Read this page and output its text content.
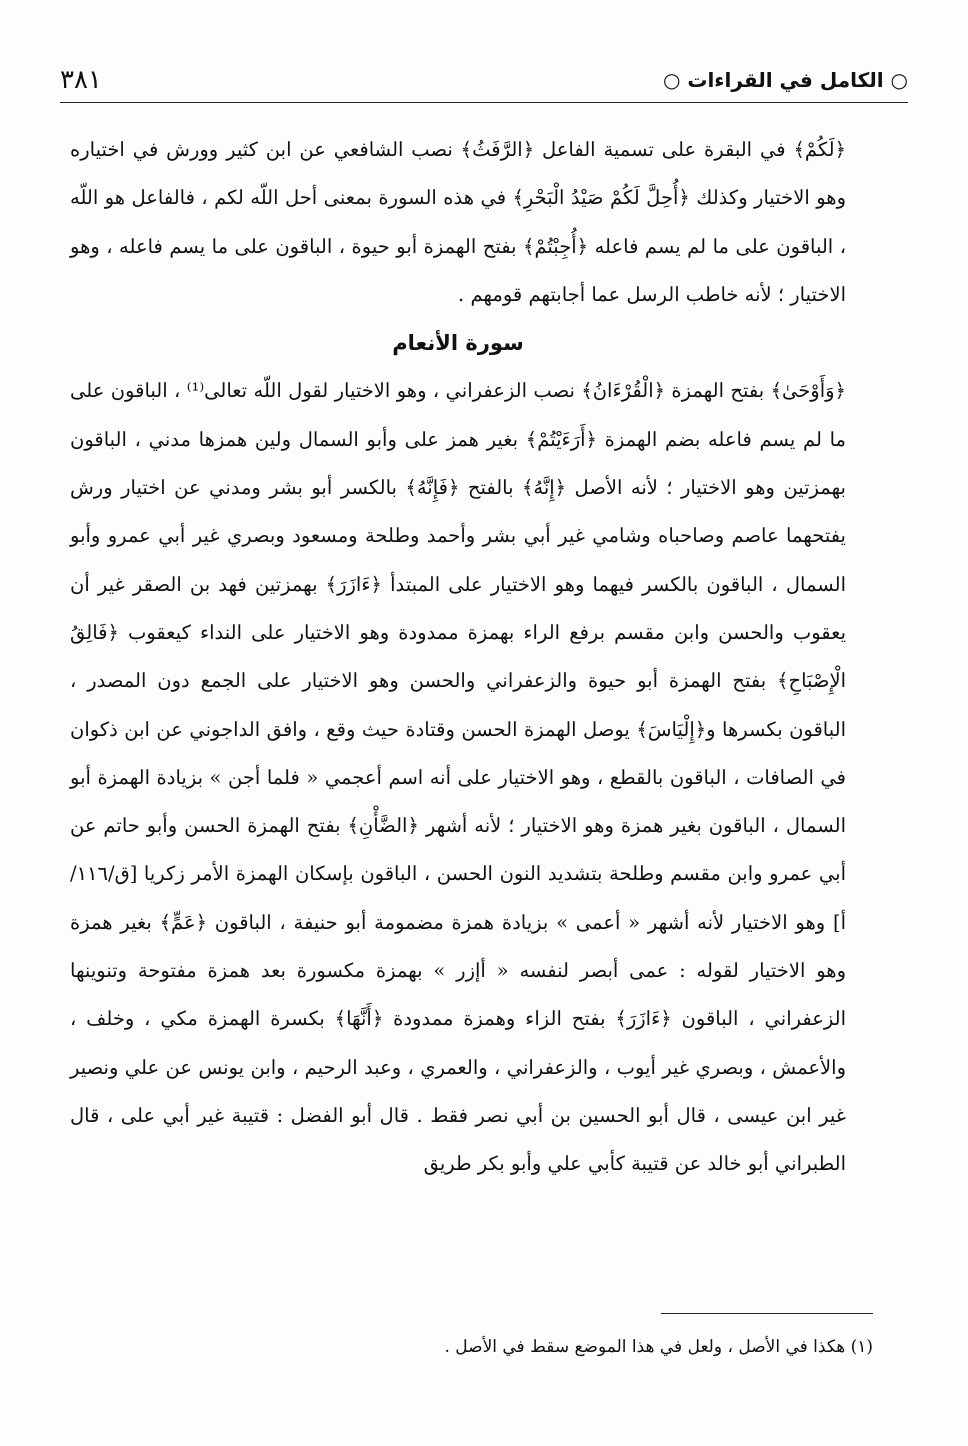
○ الكامل في القراءات ○
٣٨١

﴿لَكُمْ﴾ في البقرة على تسمية الفاعل ﴿الرَّفَثُ﴾ نصب الشافعي عن ابن كثير وورش في اختياره وهو الاختيار وكذلك ﴿أُحِلَّ لَكُمْ صَيْدُ الْبَحْرِ﴾ في هذه السورة بمعنى أحل اللّه لكم ، فالفاعل هو اللّه ، الباقون على ما لم يسم فاعله ﴿أُجِبْتُمْ﴾ بفتح الهمزة أبو حيوة ، الباقون على ما يسم فاعله ، وهو الاختيار ؛ لأنه خاطب الرسل عما أجابتهم قومهم .

سورة الأنعام

﴿وَأَوْحَىٰ﴾ بفتح الهمزة ﴿الْقُرْءَانُ﴾ نصب الزعفراني ، وهو الاختيار لقول اللّه تعالى⁽¹⁾ ، الباقون على ما لم يسم فاعله بضم الهمزة ﴿أَرَءَيْتُمْ﴾ بغير همز على وأبو السمال ولين همزها مدني ، الباقون بهمزتين وهو الاختيار ؛ لأنه الأصل ﴿إِنَّهُ﴾ بالفتح ﴿فَإِنَّهُ﴾ بالكسر أبو بشر ومدني عن اختيار ورش يفتحهما عاصم وصاحباه وشامي غير أبي بشر وأحمد وطلحة ومسعود وبصري غير أبي عمرو وأبو السمال ، الباقون بالكسر فيهما وهو الاختيار على المبتدأ ﴿ءَازَرَ﴾ بهمزتين فهد بن الصقر غير أن يعقوب والحسن وابن مقسم برفع الراء بهمزة ممدودة وهو الاختيار على النداء كيعقوب ﴿فَالِقُ الْإِصْبَاحِ﴾ بفتح الهمزة أبو حيوة والزعفراني والحسن وهو الاختيار على الجمع دون المصدر ، الباقون بكسرها و﴿إِلْيَاسَ﴾ يوصل الهمزة الحسن وقتادة حيث وقع ، وافق الداجوني عن ابن ذكوان في الصافات ، الباقون بالقطع ، وهو الاختيار على أنه اسم أعجمي « فلما أجن » بزيادة الهمزة أبو السمال ، الباقون بغير همزة وهو الاختيار ؛ لأنه أشهر ﴿الضَّأْنِ﴾ بفتح الهمزة الحسن وأبو حاتم عن أبي عمرو وابن مقسم وطلحة بتشديد النون الحسن ، الباقون بإسكان الهمزة الأمر زكريا [ق/١١٦/أ] وهو الاختيار لأنه أشهر « أعمى » بزيادة همزة مضمومة أبو حنيفة ، الباقون ﴿عَمٍّ﴾ بغير همزة وهو الاختيار لقوله : عمى أبصر لنفسه « أإزر » بهمزة مكسورة بعد همزة مفتوحة وتنوينها الزعفراني ، الباقون ﴿ءَازَرَ﴾ بفتح الزاء وهمزة ممدودة ﴿أَنَّهَا﴾ بكسرة الهمزة مكي ، وخلف ، والأعمش ، وبصري غير أيوب ، والزعفراني ، والعمري ، وعبد الرحيم ، وابن يونس عن علي ونصير غير ابن عيسى ، قال أبو الحسين بن أبي نصر فقط . قال أبو الفضل : قتيبة غير أبي على ، قال الطبراني أبو خالد عن قتيبة كأبي علي وأبو بكر طريق

(١) هكذا في الأصل ، ولعل في هذا الموضع سقط في الأصل .
